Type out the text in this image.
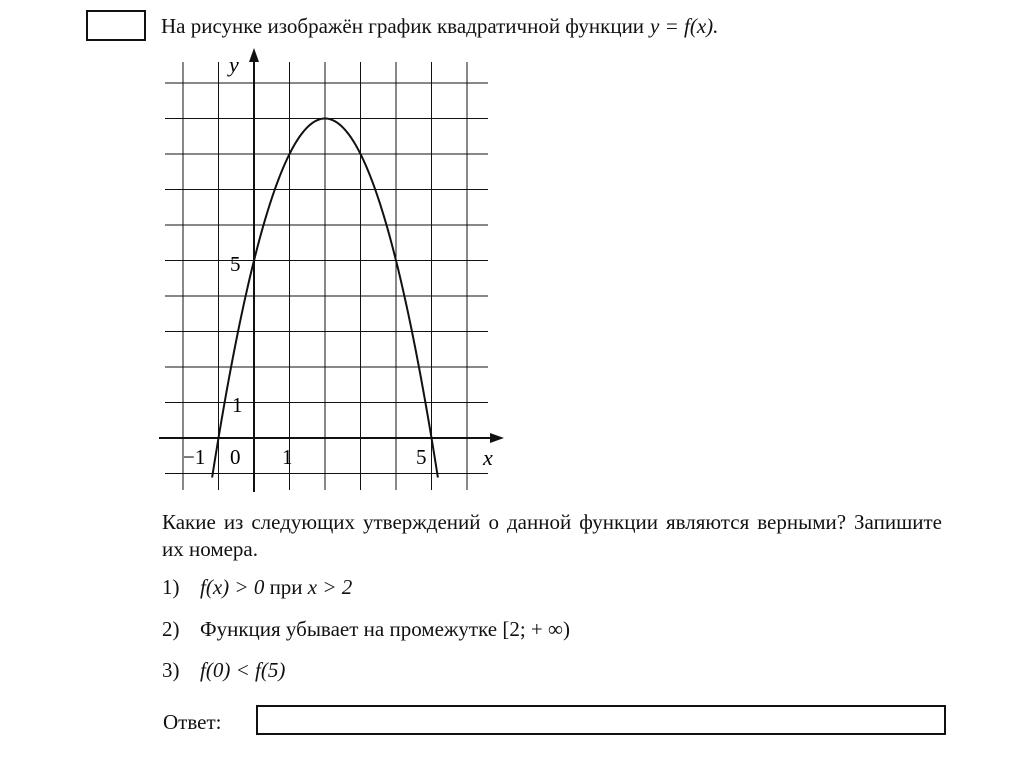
На рисунке изображён график квадратичной функции y = f(x).
y
x
−1 0 1	5
1
5
Какие из следующих утверждений о данной функции являются верными? Запишите их номера.
1) f(x) > 0 при x > 2
2) Функция убывает на промежутке [2; + ∞)
3) f(0) < f(5)
Ответ:
